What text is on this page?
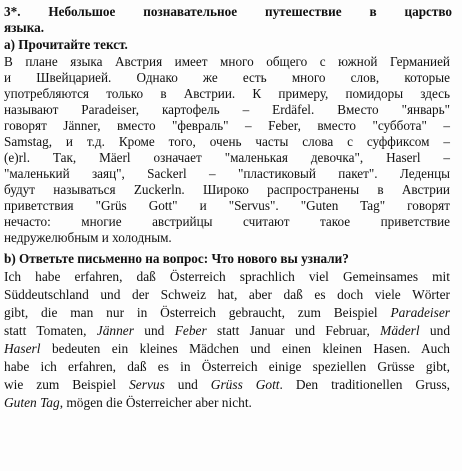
3*. Небольшое познавательное путешествие в царство
языка.
а) Прочитайте текст.
В плане языка Австрия имеет много общего с южной Германией
и Швейцарией. Однако же есть много слов, которые
употребляются только в Австрии. К примеру, помидоры здесь
называют Paradeiser, картофель – Erdäfel. Вместо "январь"
говорят Jänner, вместо "февраль" – Feber, вместо "суббота" –
Samstag, и т.д. Кроме того, очень часты слова с суффиксом –
(e)rl. Так, Mäerl означает "маленькая девочка", Haserl –
"маленький заяц", Sackerl – "пластиковый пакет". Леденцы
будут называться Zuckerln. Широко распространены в Австрии
приветствия "Grüs Gott" и "Servus". "Guten Tag" говорят
нечасто: многие австрийцы считают такое приветствие
недружелюбным и холодным.
b) Ответьте письменно на вопрос: Что нового вы узнали?
Ich habe erfahren, daß Österreich sprachlich viel Gemeinsames mit
Süddeutschland und der Schweiz hat, aber daß es doch viele Wörter
gibt, die man nur in Österreich gebraucht, zum Beispiel Paradeiser
statt Tomaten, Jänner und Feber statt Januar und Februar, Mäderl und
Haserl bedeuten ein kleines Mädchen und einen kleinen Hasen. Auch
habe ich erfahren, daß es in Österreich einige speziellen Grüsse gibt,
wie zum Beispiel Servus und Grüss Gott. Den traditionellen Gruss,
Guten Tag, mögen die Österreicher aber nicht.
